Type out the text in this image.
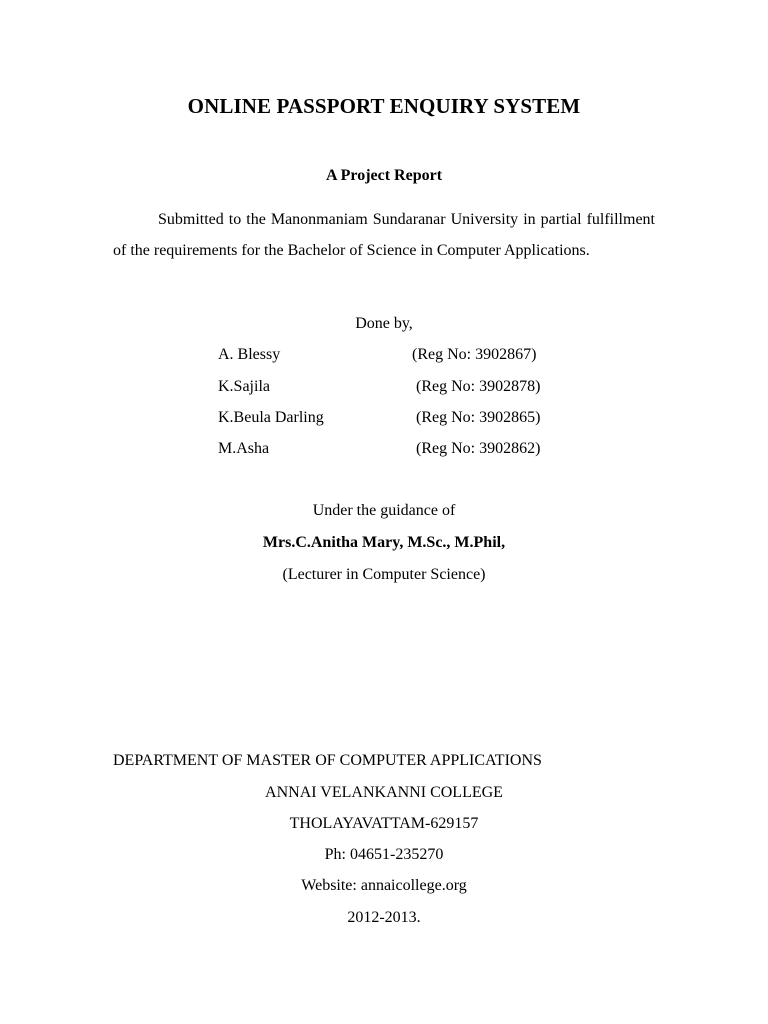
ONLINE PASSPORT ENQUIRY SYSTEM
A Project Report
Submitted to the Manonmaniam Sundaranar University in partial fulfillment of the requirements for the Bachelor of Science in Computer Applications.
Done by,
A. Blessy	(Reg No: 3902867)
K.Sajila	(Reg No: 3902878)
K.Beula Darling	(Reg No: 3902865)
M.Asha	(Reg No: 3902862)
Under the guidance of
Mrs.C.Anitha Mary, M.Sc., M.Phil,
(Lecturer in Computer Science)
DEPARTMENT OF MASTER OF COMPUTER APPLICATIONS
ANNAI VELANKANNI COLLEGE
THOLAYAVATTAM-629157
Ph: 04651-235270
Website: annaicollege.org
2012-2013.
